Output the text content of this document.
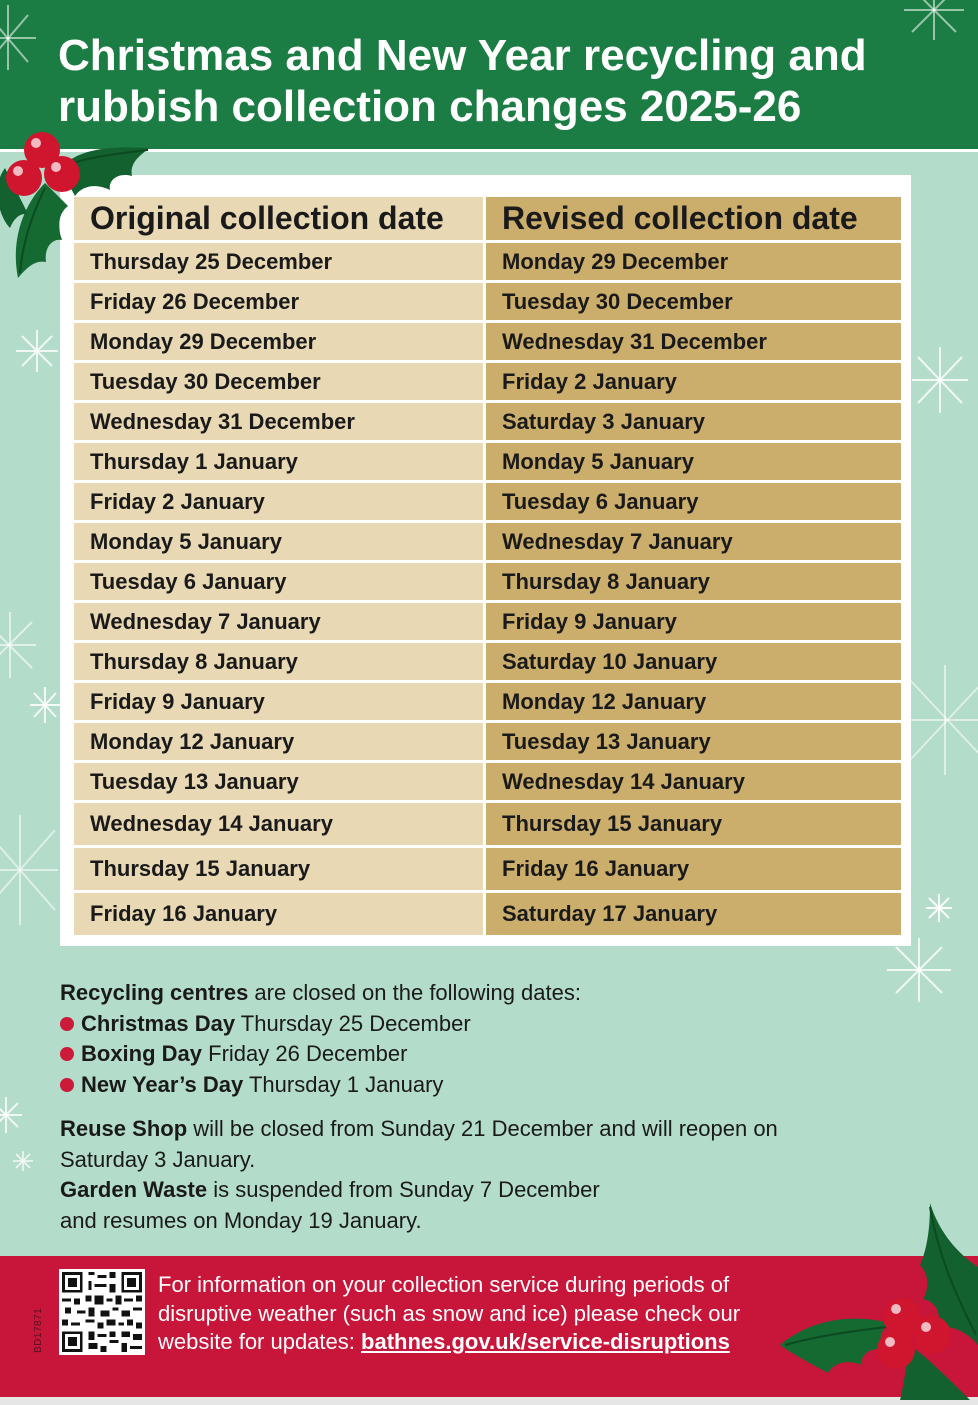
Christmas and New Year recycling and rubbish collection changes 2025-26
Original collection date	Revised collection date
Thursday 25 December	Monday 29 December
Friday 26 December	Tuesday 30 December
Monday 29 December	Wednesday 31 December
Tuesday 30 December	Friday 2 January
Wednesday 31 December	Saturday 3 January
Thursday 1 January	Monday 5 January
Friday 2 January	Tuesday 6 January
Monday 5 January	Wednesday 7 January
Tuesday 6 January	Thursday 8 January
Wednesday 7 January	Friday 9 January
Thursday 8 January	Saturday 10 January
Friday 9 January	Monday 12 January
Monday 12 January	Tuesday 13 January
Tuesday 13 January	Wednesday 14 January
Wednesday 14 January	Thursday 15 January
Thursday 15 January	Friday 16 January
Friday 16 January	Saturday 17 January

Recycling centres are closed on the following dates:

Christmas Day Thursday 25 December
Boxing Day Friday 26 December
New Year’s Day Thursday 1 January

Reuse Shop will be closed from Sunday 21 December and will reopen on Saturday 3 January.

Garden Waste is suspended from Sunday 7 December
and resumes on Monday 19 January.

BD17871
For information on your collection service during periods of disruptive weather (such as snow and ice) please check our website for updates: bathnes.gov.uk/service-disruptions
